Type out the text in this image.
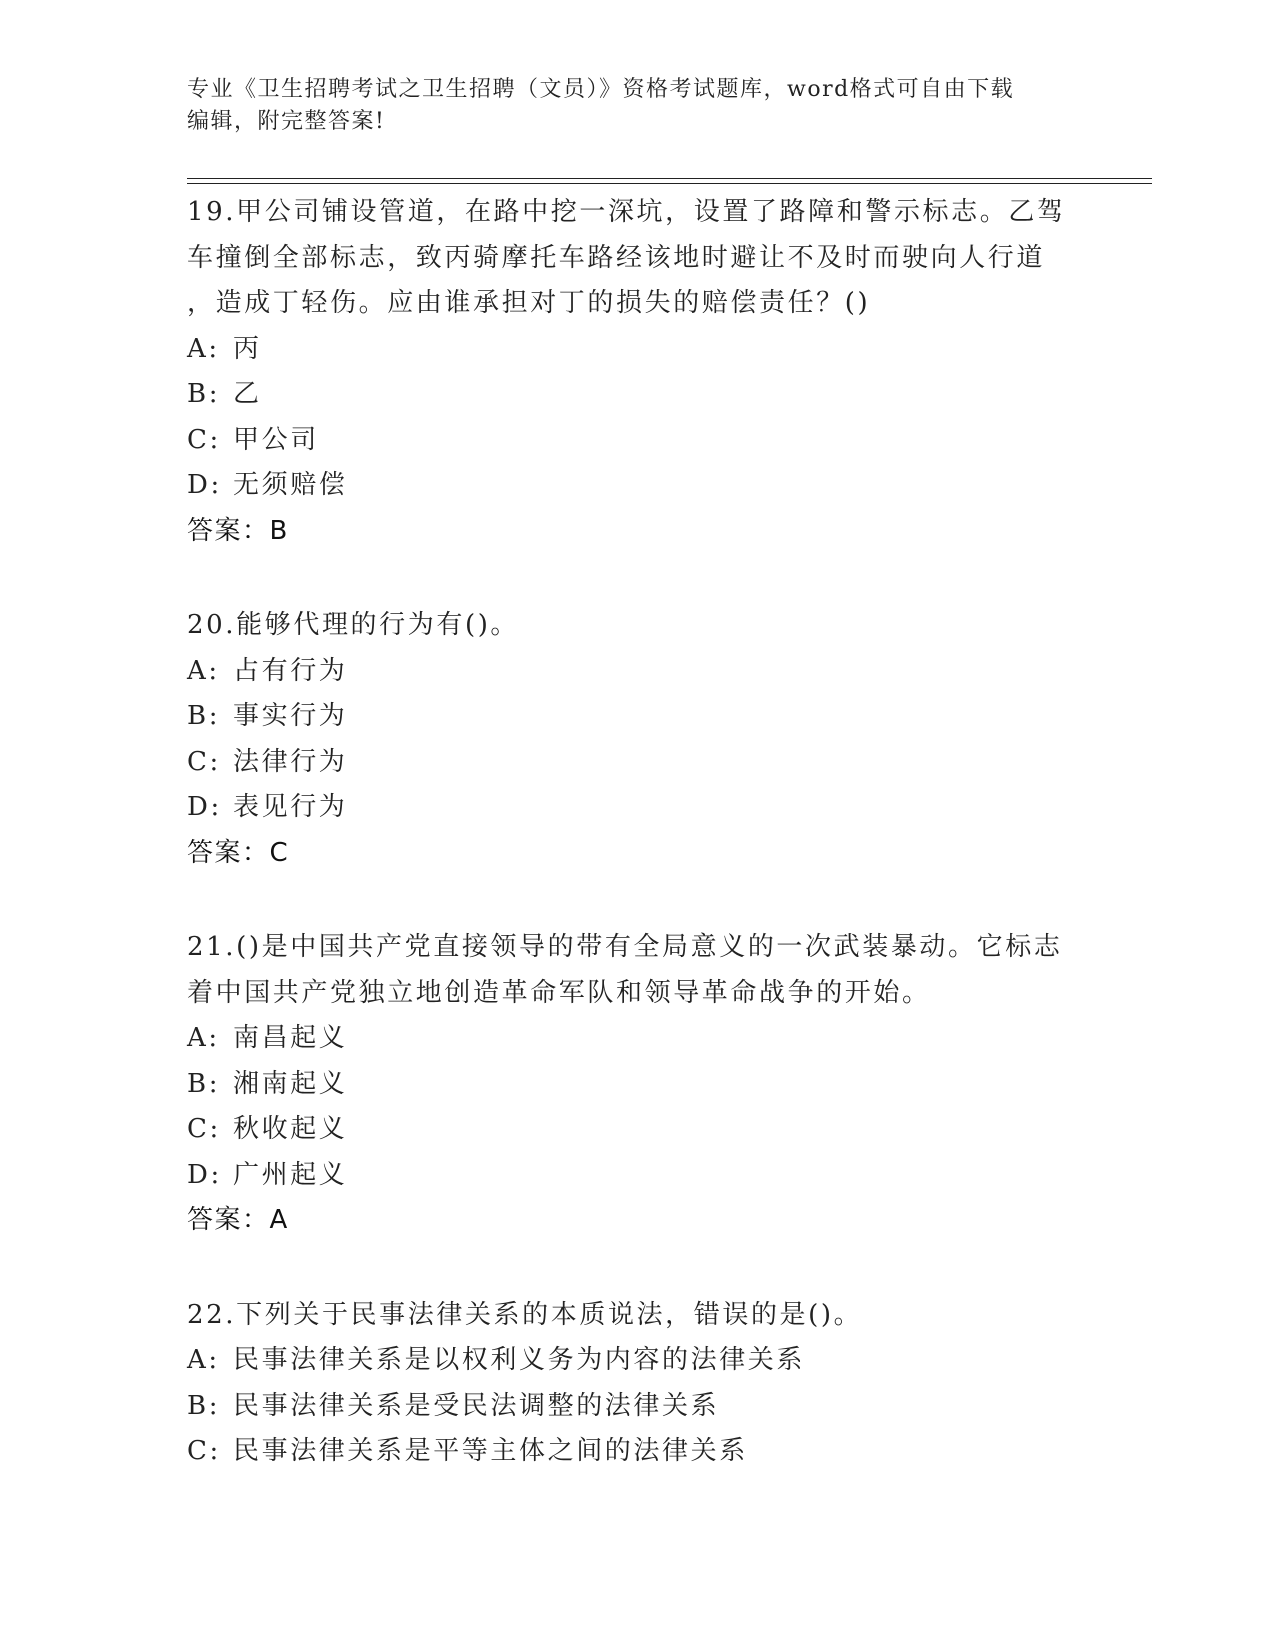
专业《卫生招聘考试之卫生招聘（文员）》资格考试题库，word格式可自由下载
编辑，附完整答案!
19.甲公司铺设管道，在路中挖一深坑，设置了路障和警示标志。乙驾
车撞倒全部标志，致丙骑摩托车路经该地时避让不及时而驶向人行道
，造成丁轻伤。应由谁承担对丁的损失的赔偿责任？()
A: 丙
B: 乙
C: 甲公司
D: 无须赔偿
答案：B
20.能够代理的行为有()。
A: 占有行为
B: 事实行为
C: 法律行为
D: 表见行为
答案：C
21.()是中国共产党直接领导的带有全局意义的一次武装暴动。它标志
着中国共产党独立地创造革命军队和领导革命战争的开始。
A: 南昌起义
B: 湘南起义
C: 秋收起义
D: 广州起义
答案：A
22.下列关于民事法律关系的本质说法，错误的是()。
A: 民事法律关系是以权利义务为内容的法律关系
B: 民事法律关系是受民法调整的法律关系
C: 民事法律关系是平等主体之间的法律关系
